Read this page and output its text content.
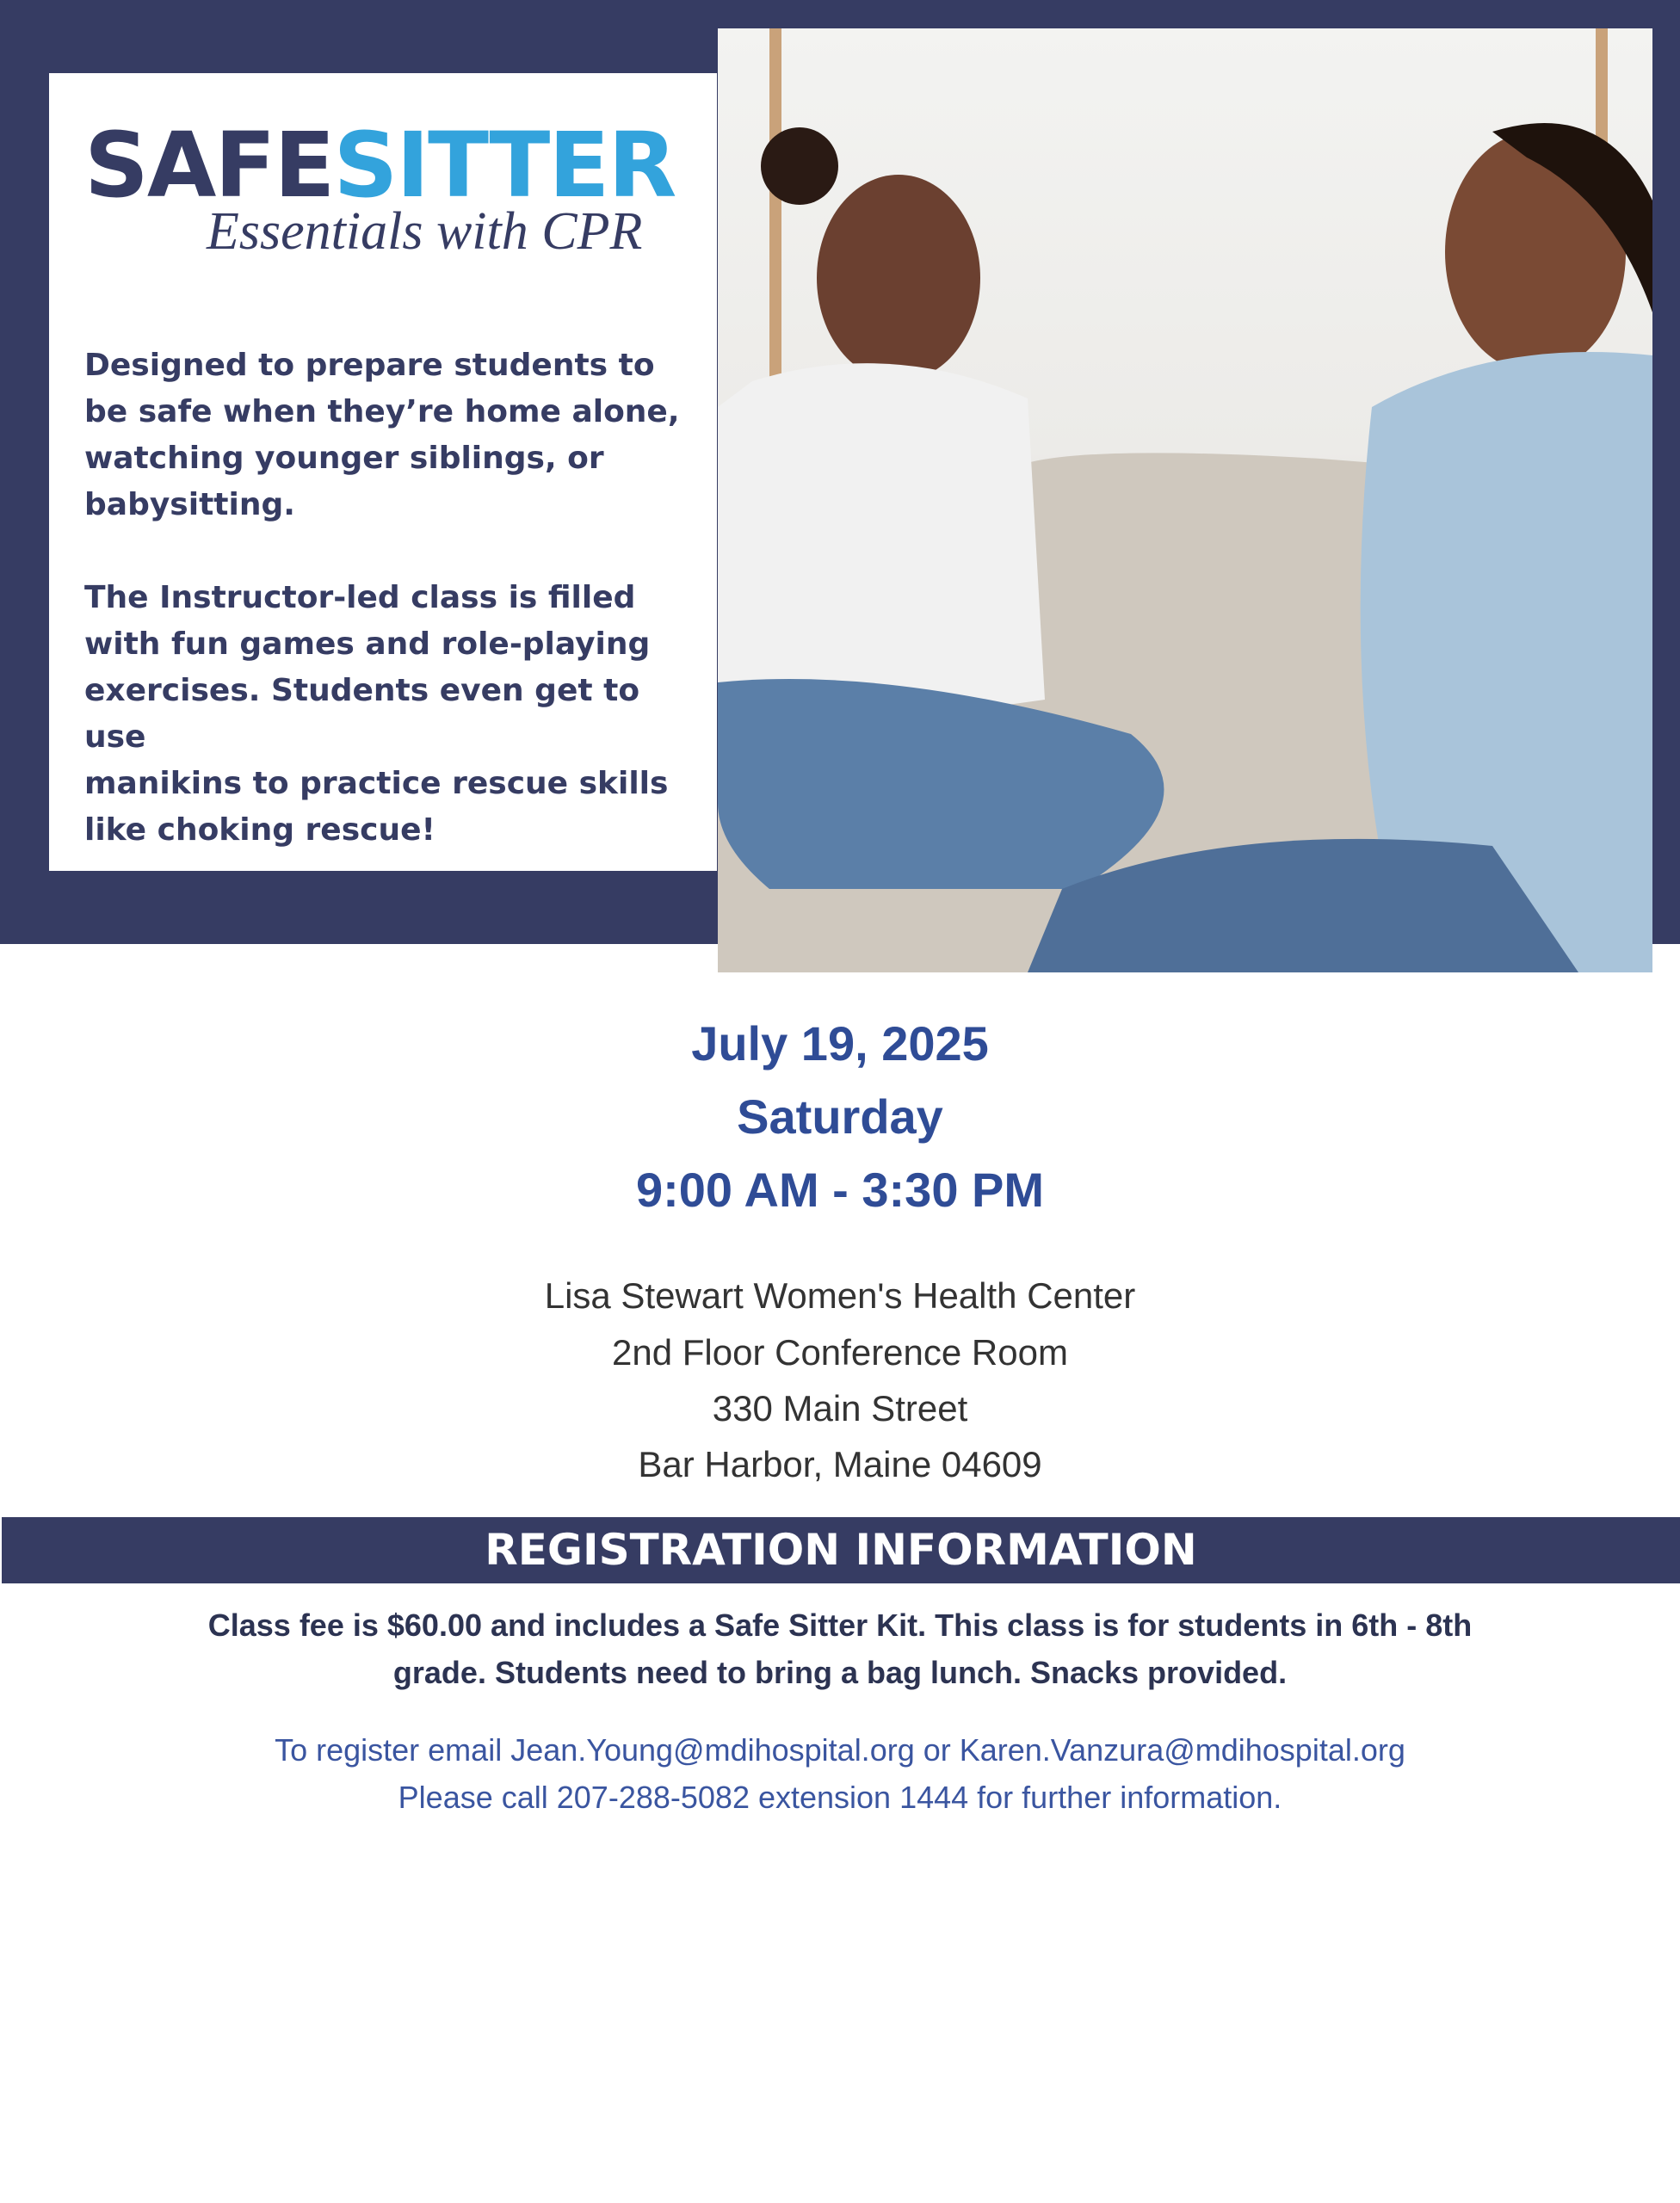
SAFESITTER
Essentials with CPR

Designed to prepare students to
be safe when they’re home alone,
watching younger siblings, or
babysitting.

The Instructor-led class is filled
with fun games and role-playing
exercises. Students even get to use
manikins to practice rescue skills
like choking rescue!

July 19, 2025

Saturday

9:00 AM - 3:30 PM

Lisa Stewart Women's Health Center

2nd Floor Conference Room

330 Main Street

Bar Harbor, Maine 04609

REGISTRATION INFORMATION

Class fee is $60.00 and includes a Safe Sitter Kit. This class is for students in 6th - 8th

grade. Students need to bring a bag lunch. Snacks provided.

To register email Jean.Young@mdihospital.org or Karen.Vanzura@mdihospital.org

Please call 207-288-5082 extension 1444 for further information.
